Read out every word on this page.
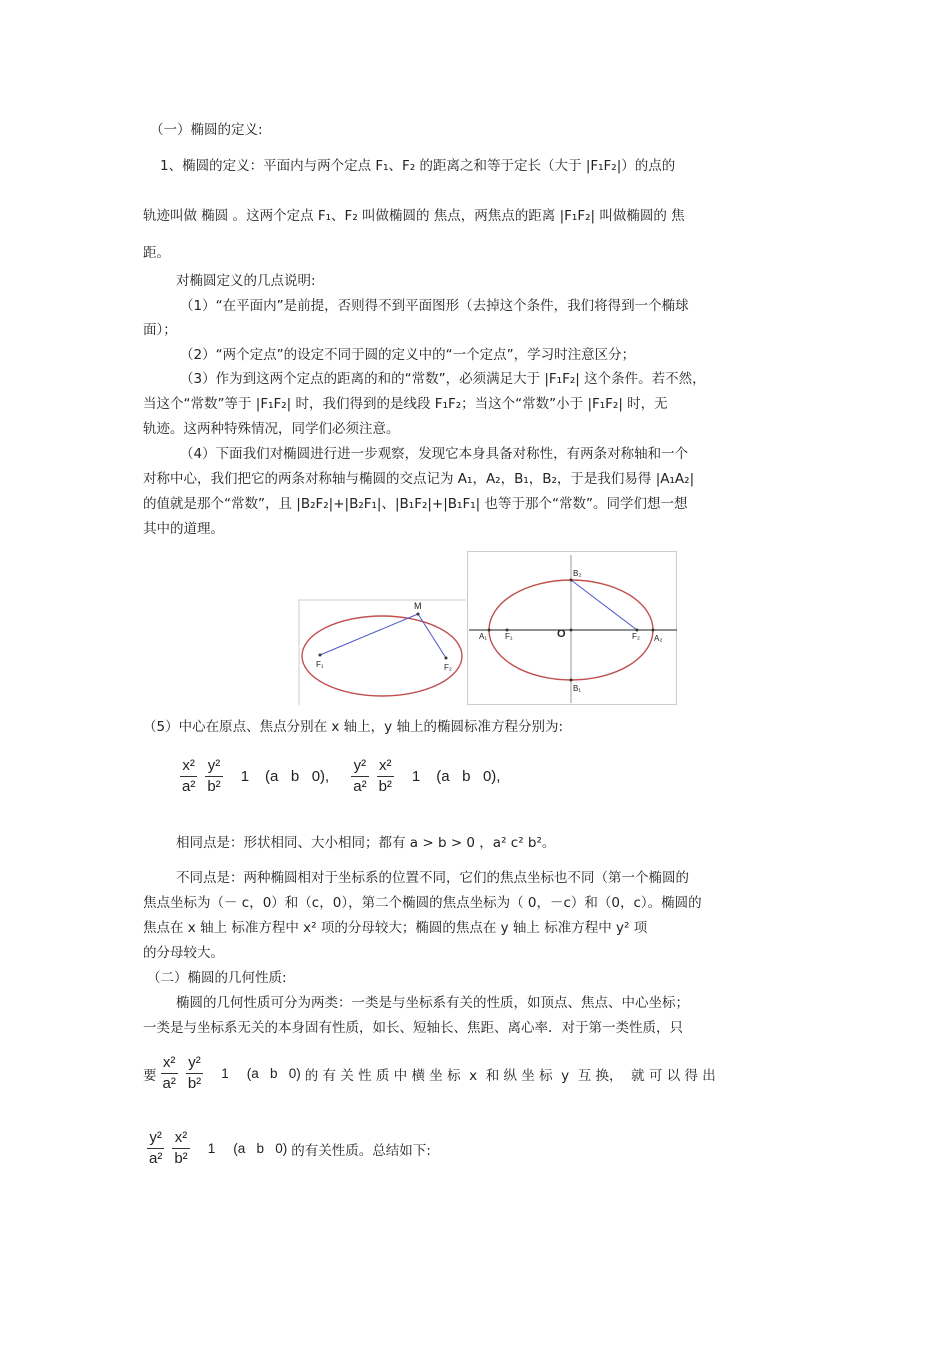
（一）椭圆的定义:
1、椭圆的定义：平面内与两个定点 F₁、F₂ 的距离之和等于定长（大于 |F₁F₂|）的点的
轨迹叫做 椭圆 。这两个定点 F₁、F₂ 叫做椭圆的 焦点，两焦点的距离 |F₁F₂| 叫做椭圆的 焦
距。
对椭圆定义的几点说明:
（1）“在平面内”是前提，否则得不到平面图形（去掉这个条件，我们将得到一个椭球
面）；
（2）“两个定点”的设定不同于圆的定义中的“一个定点”，学习时注意区分；
（3）作为到这两个定点的距离的和的“常数”，必须满足大于 |F₁F₂| 这个条件。若不然，
当这个“常数”等于 |F₁F₂| 时，我们得到的是线段 F₁F₂；当这个“常数”小于 |F₁F₂| 时，无
轨迹。这两种特殊情况，同学们必须注意。
（4）下面我们对椭圆进行进一步观察，发现它本身具备对称性，有两条对称轴和一个
对称中心，我们把它的两条对称轴与椭圆的交点记为 A₁，A₂，B₁，B₂，于是我们易得 |A₁A₂|
的值就是那个“常数”，且 |B₂F₂|+|B₂F₁|、|B₁F₂|+|B₁F₁| 也等于那个“常数”。同学们想一想
其中的道理。
M
F₁	F₂
B₂
A₁ F₁	O	F₂ A₂
B₁
（5）中心在原点、焦点分别在 x 轴上，y 轴上的椭圆标准方程分别为:
$\frac{\text{x²}}{\text{a²}} \frac{\text{y²}}{\text{b²}} 1$ (a   b   0), $\frac{\text{y²}}{\text{a²}} \frac{\text{x²}}{\text{b²}} 1$ (a   b   0),
相同点是：形状相同、大小相同；都有 a > b > 0 ，a² c² b²。
不同点是：两种椭圆相对于坐标系的位置不同，它们的焦点坐标也不同（第一个椭圆的
焦点坐标为（－ c，0）和（c，0），第二个椭圆的焦点坐标为（ 0，－c）和（0，c）。椭圆的
焦点在 x 轴上 标准方程中 x² 项的分母较大；椭圆的焦点在 y 轴上 标准方程中 y² 项
的分母较大。
（二）椭圆的几何性质:
椭圆的几何性质可分为两类：一类是与坐标系有关的性质，如顶点、焦点、中心坐标；
一类是与坐标系无关的本身固有性质，如长、短轴长、焦距、离心率．对于第一类性质，只
要 $\frac{\text{x²}}{\text{a²}} \frac{\text{y²}}{\text{b²}} 1$ (a   b   0) 的 有 关 性 质 中 横 坐 标  x  和 纵 坐 标  y  互 换，  就 可 以 得 出
$\frac{\text{y²}}{\text{a²}} \frac{\text{x²}}{\text{b²}} 1$ (a   b   0) 的有关性质。总结如下:
